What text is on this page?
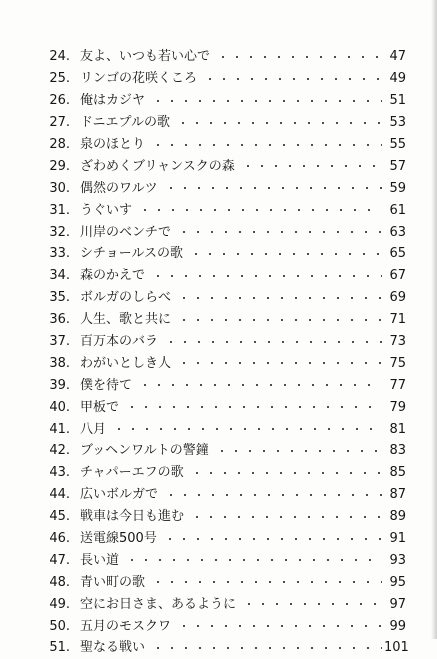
24. 友よ、いつも若い心で	47
25. リンゴの花咲くころ	49
26. 俺はカジヤ	51
27. ドニエプルの歌	53
28. 泉のほとり	55
29. ざわめくブリャンスクの森	57
30. 偶然のワルツ	59
31. うぐいす	61
32. 川岸のベンチで	63
33. シチョールスの歌	65
34. 森のかえで	67
35. ボルガのしらべ	69
36. 人生、歌と共に	71
37. 百万本のバラ	73
38. わがいとしき人	75
39. 僕を待て	77
40. 甲板で	79
41. 八月	81
42. ブッヘンワルトの警鐘	83
43. チャパーエフの歌	85
44. 広いボルガで	87
45. 戦車は今日も進む	89
46. 送電線500号	91
47. 長い道	93
48. 青い町の歌	95
49. 空にお日さま、あるように	97
50. 五月のモスクワ	99
51. 聖なる戦い	101
